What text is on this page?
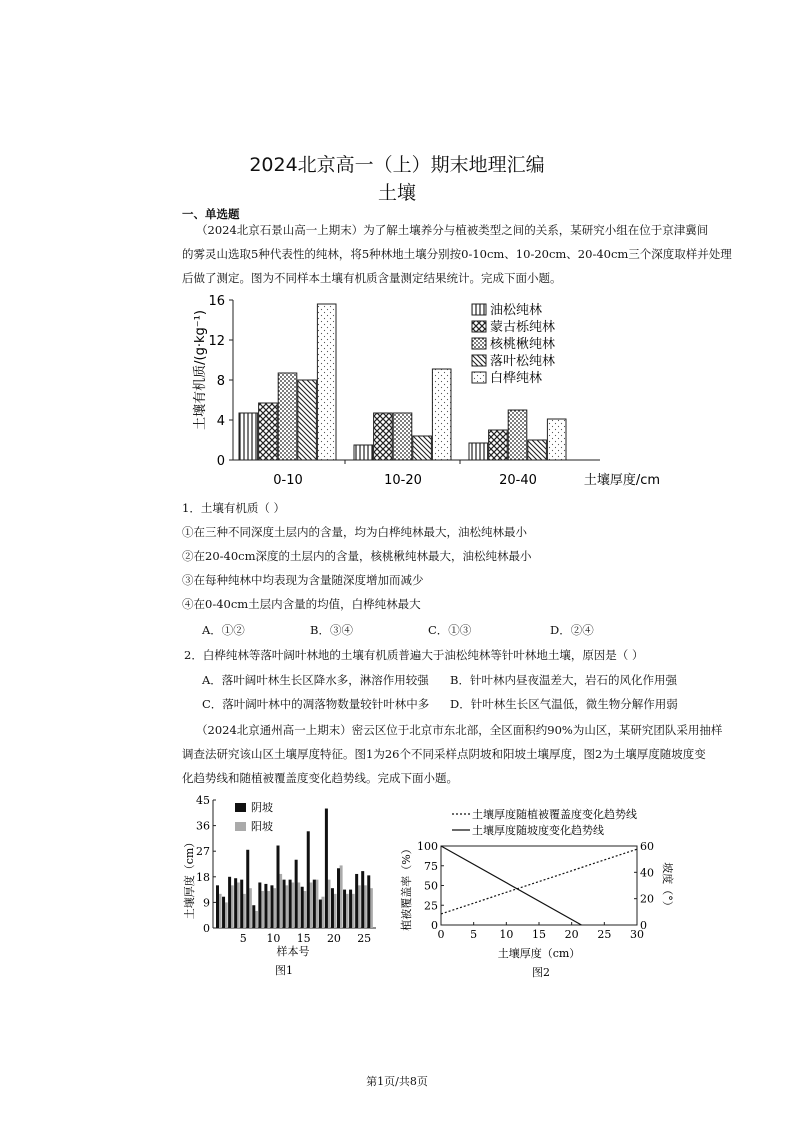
2024北京高一（上）期末地理汇编
土壤
一、单选题
（2024北京石景山高一上期末）为了解土壤养分与植被类型之间的关系，某研究小组在位于京津冀间
的雾灵山选取5种代表性的纯林，将5种林地土壤分别按0-10cm、10-20cm、20-40cm三个深度取样并处理
后做了测定。图为不同样本土壤有机质含量测定结果统计。完成下面小题。
土壤有机质/(g·kg⁻¹)
0
4
8
12
16
0-10	10-20	20-40	土壤厚度/cm
油松纯林
蒙古栎纯林
核桃楸纯林
落叶松纯林
白桦纯林
1．土壤有机质（ ）
①在三种不同深度土层内的含量，均为白桦纯林最大，油松纯林最小
②在20-40cm深度的土层内的含量，核桃楸纯林最大，油松纯林最小
③在每种纯林中均表现为含量随深度增加而减少
④在0-40cm土层内含量的均值，白桦纯林最大
A．①②	B．③④	C．①③	D．②④
2．白桦纯林等落叶阔叶林地的土壤有机质普遍大于油松纯林等针叶林地土壤，原因是（ ）
A．落叶阔叶林生长区降水多，淋溶作用较强 B．针叶林内昼夜温差大，岩石的风化作用强
C．落叶阔叶林中的凋落物数量较针叶林中多 D．针叶林生长区气温低，微生物分解作用弱
（2024北京通州高一上期末）密云区位于北京市东北部，全区面积约90%为山区，某研究团队采用抽样
调查法研究该山区土壤厚度特征。图1为26个不同采样点阴坡和阳坡土壤厚度，图2为土壤厚度随坡度变
化趋势线和随植被覆盖度变化趋势线。完成下面小题。
土壤厚度（cm）
0
9
18
27
36
45
5 10 15 20 25
阴坡
阳坡
样本号
图1
土壤厚度随植被覆盖度变化趋势线
土壤厚度随坡度变化趋势线
植被覆盖率（%）	坡度（°）
0 5 10 15 20 25 30
0
25
50
75
100
0
20
40
60
土壤厚度（cm）
图2
第1页/共8页
